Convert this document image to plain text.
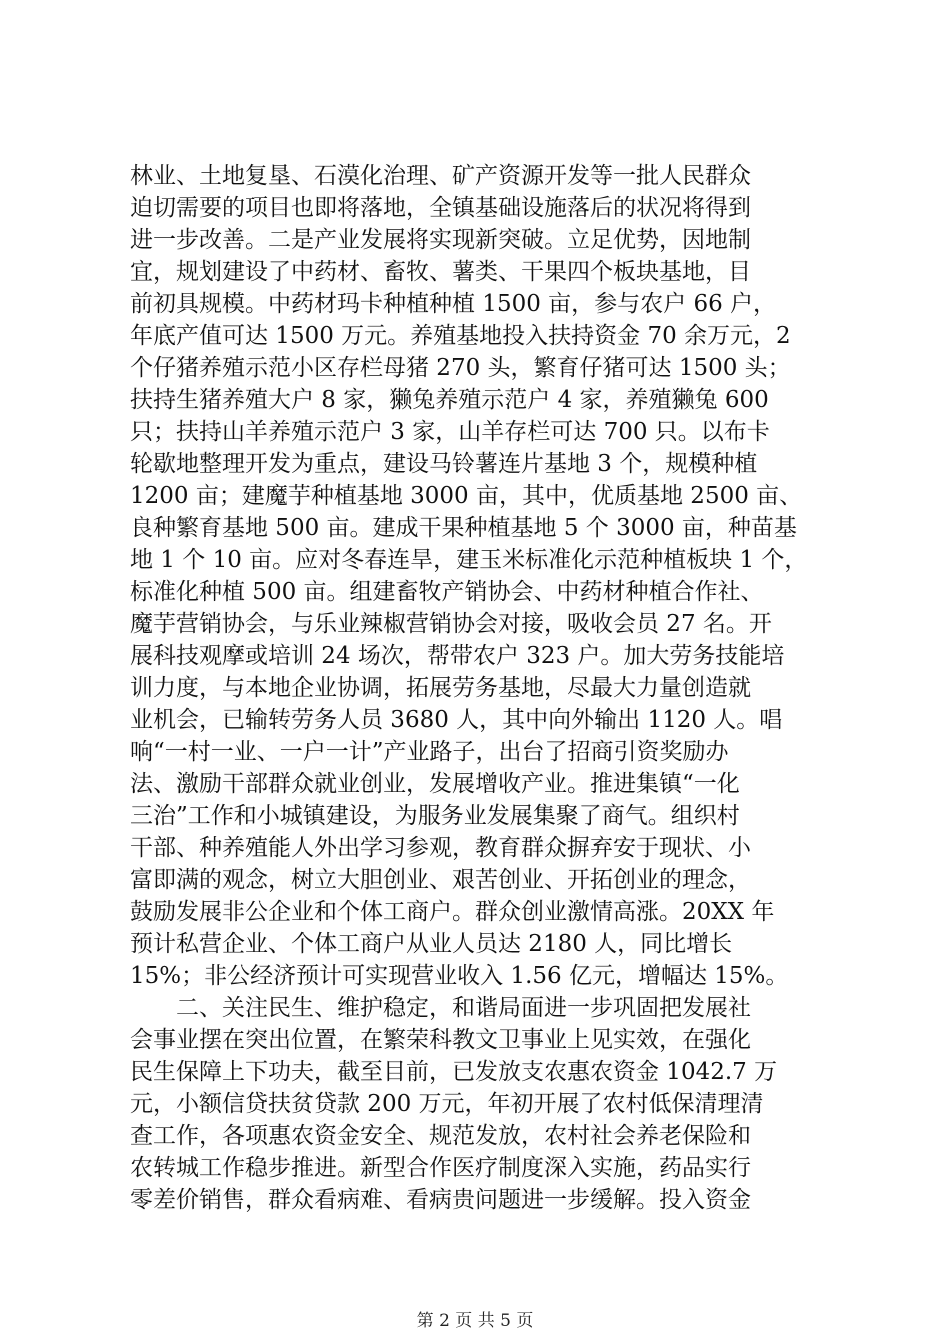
林业、土地复垦、石漠化治理、矿产资源开发等一批人民群众
迫切需要的项目也即将落地，全镇基础设施落后的状况将得到
进一步改善。二是产业发展将实现新突破。立足优势，因地制
宜，规划建设了中药材、畜牧、薯类、干果四个板块基地，目
前初具规模。中药材玛卡种植种植 1500 亩，参与农户 66 户，
年底产值可达 1500 万元。养殖基地投入扶持资金 70 余万元，2
个仔猪养殖示范小区存栏母猪 270 头，繁育仔猪可达 1500 头；
扶持生猪养殖大户 8 家，獭兔养殖示范户 4 家，养殖獭兔 600
只；扶持山羊养殖示范户 3 家，山羊存栏可达 700 只。以布卡
轮歇地整理开发为重点，建设马铃薯连片基地 3 个，规模种植
1200 亩；建魔芋种植基地 3000 亩，其中，优质基地 2500 亩、
良种繁育基地 500 亩。建成干果种植基地 5 个 3000 亩，种苗基
地 1 个 10 亩。应对冬春连旱，建玉米标准化示范种植板块 1 个，
标准化种植 500 亩。组建畜牧产销协会、中药材种植合作社、
魔芋营销协会，与乐业辣椒营销协会对接，吸收会员 27 名。开
展科技观摩或培训 24 场次，帮带农户 323 户。加大劳务技能培
训力度，与本地企业协调，拓展劳务基地，尽最大力量创造就
业机会，已输转劳务人员 3680 人，其中向外输出 1120 人。唱
响“一村一业、一户一计”产业路子，出台了招商引资奖励办
法、激励干部群众就业创业，发展增收产业。推进集镇“一化
三治”工作和小城镇建设，为服务业发展集聚了商气。组织村
干部、种养殖能人外出学习参观，教育群众摒弃安于现状、小
富即满的观念，树立大胆创业、艰苦创业、开拓创业的理念，
鼓励发展非公企业和个体工商户。群众创业激情高涨。20XX 年
预计私营企业、个体工商户从业人员达 2180 人，同比增长
15%；非公经济预计可实现营业收入 1.56 亿元，增幅达 15%。
二、关注民生、维护稳定，和谐局面进一步巩固把发展社
会事业摆在突出位置，在繁荣科教文卫事业上见实效，在强化
民生保障上下功夫，截至目前，已发放支农惠农资金 1042.7 万
元，小额信贷扶贫贷款 200 万元，年初开展了农村低保清理清
查工作，各项惠农资金安全、规范发放，农村社会养老保险和
农转城工作稳步推进。新型合作医疗制度深入实施，药品实行
零差价销售，群众看病难、看病贵问题进一步缓解。投入资金
第 2 页 共 5 页
